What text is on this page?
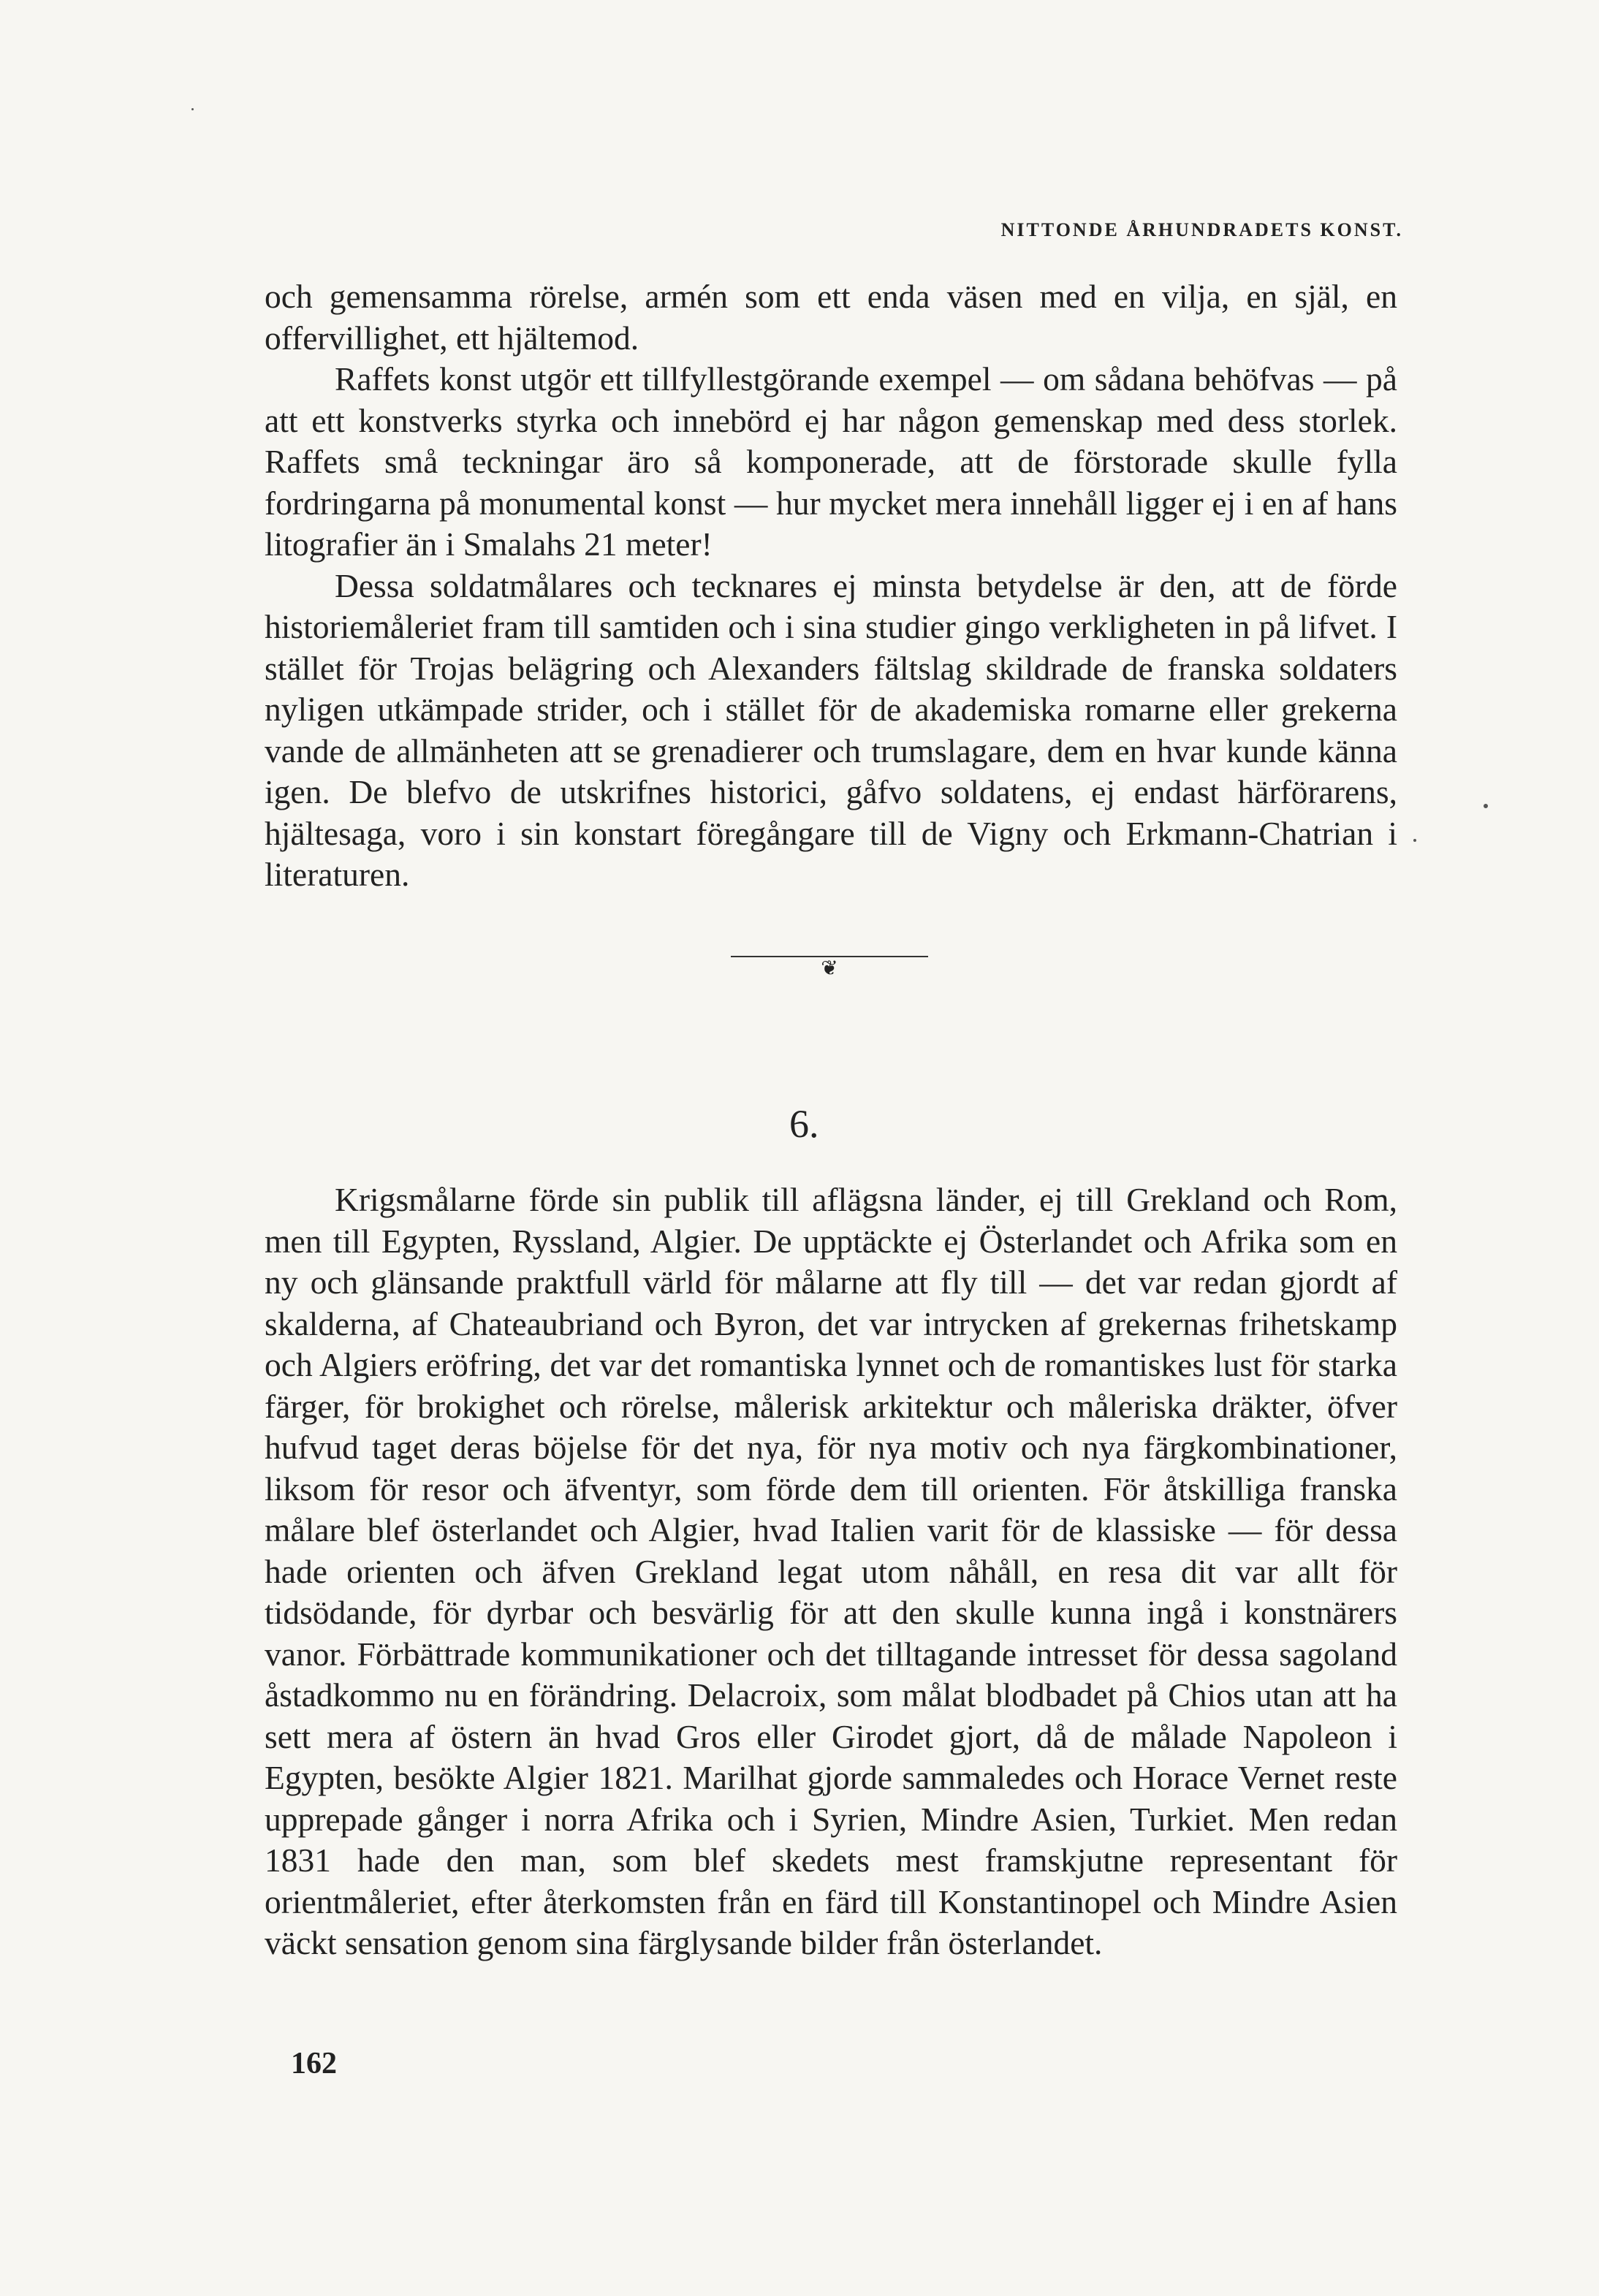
NITTONDE ÅRHUNDRADETS KONST.

och gemensamma rörelse, armén som ett enda väsen med en vilja, en själ, en offervillighet, ett hjältemod.

Raffets konst utgör ett tillfyllestgörande exempel — om sådana behöfvas — på att ett konstverks styrka och innebörd ej har någon gemenskap med dess storlek. Raffets små teckningar äro så komponerade, att de förstorade skulle fylla fordringarna på monumental konst — hur mycket mera innehåll ligger ej i en af hans litografier än i Smalahs 21 meter!

Dessa soldatmålares och tecknares ej minsta betydelse är den, att de förde historiemåleriet fram till samtiden och i sina studier gingo verkligheten in på lifvet. I stället för Trojas belägring och Alexanders fältslag skildrade de franska soldaters nyligen utkämpade strider, och i stället för de akademiska romarne eller grekerna vande de allmänheten att se grenadierer och trumslagare, dem en hvar kunde känna igen. De blefvo de utskrifnes historici, gåfvo soldatens, ej endast härförarens, hjältesaga, voro i sin konstart föregångare till de Vigny och Erkmann-Chatrian i literaturen.

❦
6.

Krigsmålarne förde sin publik till aflägsna länder, ej till Grekland och Rom, men till Egypten, Ryssland, Algier. De upptäckte ej Österlandet och Afrika som en ny och glänsande praktfull värld för målarne att fly till — det var redan gjordt af skalderna, af Chateaubriand och Byron, det var intrycken af grekernas frihetskamp och Algiers eröfring, det var det romantiska lynnet och de romantiskes lust för starka färger, för brokighet och rörelse, målerisk arkitektur och måleriska dräkter, öfver hufvud taget deras böjelse för det nya, för nya motiv och nya färgkombinationer, liksom för resor och äfventyr, som förde dem till orienten. För åtskilliga franska målare blef österlandet och Algier, hvad Italien varit för de klassiske — för dessa hade orienten och äfven Grekland legat utom nåhåll, en resa dit var allt för tidsödande, för dyrbar och besvärlig för att den skulle kunna ingå i konstnärers vanor. Förbättrade kommunikationer och det tilltagande intresset för dessa sagoland åstadkommo nu en förändring. Delacroix, som målat blodbadet på Chios utan att ha sett mera af östern än hvad Gros eller Girodet gjort, då de målade Napoleon i Egypten, besökte Algier 1821. Marilhat gjorde sammaledes och Horace Vernet reste upprepade gånger i norra Afrika och i Syrien, Mindre Asien, Turkiet. Men redan 1831 hade den man, som blef skedets mest framskjutne representant för orientmåleriet, efter återkomsten från en färd till Konstantinopel och Mindre Asien väckt sensation genom sina färglysande bilder från österlandet.

162
